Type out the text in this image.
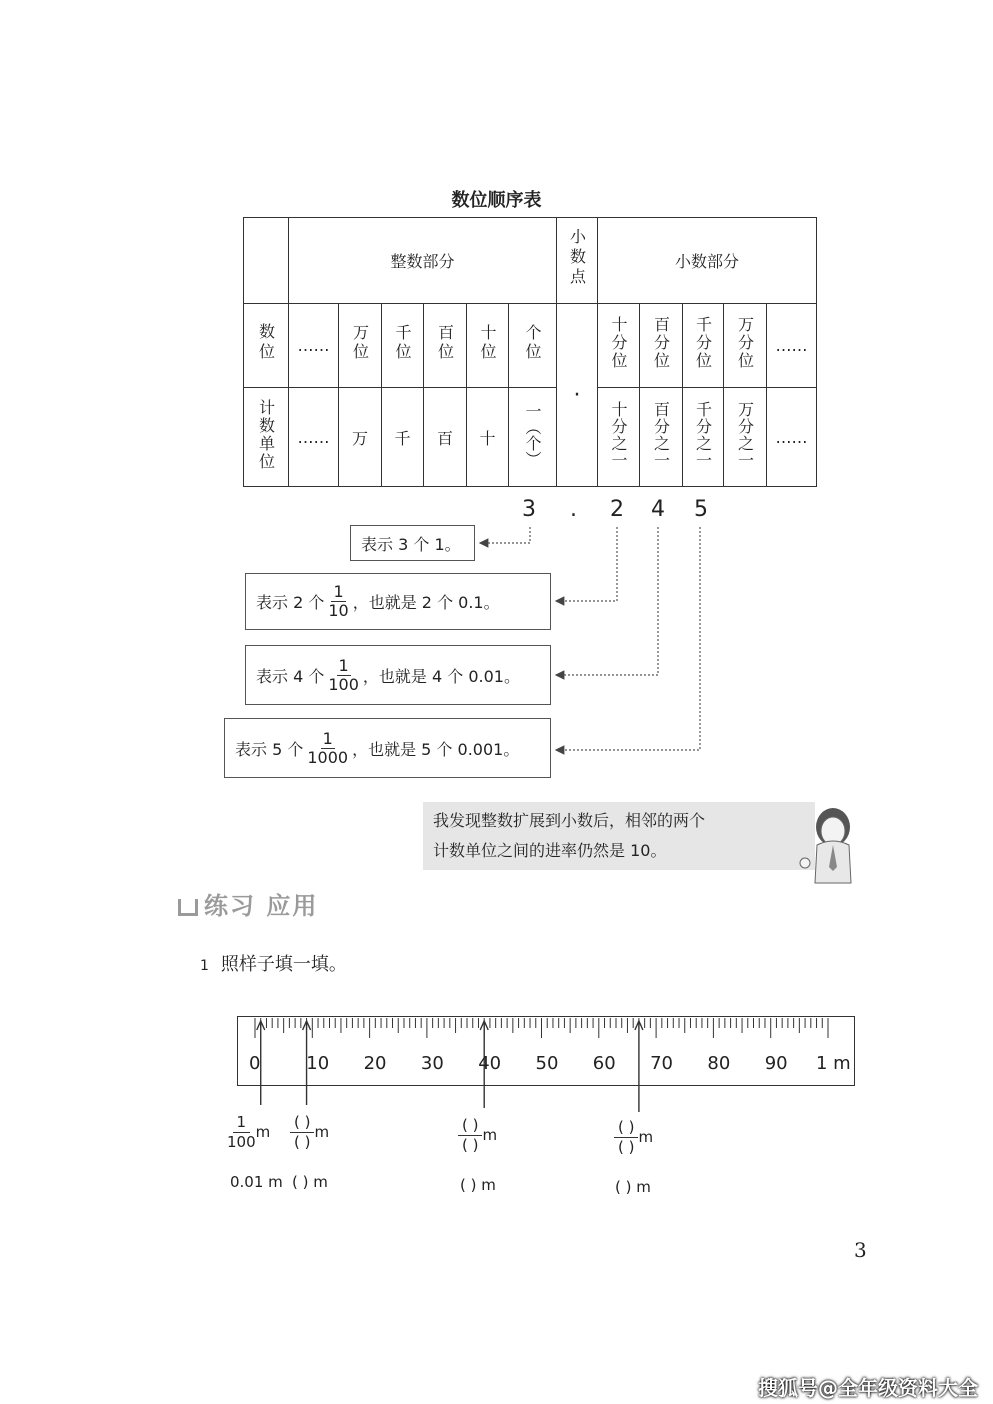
数位顺序表
	整数部分						小数点	小数部分				
数位	……	万位	千位	百位	十位	个位	·	十分位	百分位	千分位	万分位	……
计数单位	……	万	千	百	十	一（个）		十分之一	百分之一	千分之一	万分之一	……
3 . 2 4 5
表示 3 个 1。
表示 2 个 $\frac{1}{10}$ ，也就是 2 个 0.1。
表示 4 个 $\frac{1}{100}$ ，也就是 4 个 0.01。
表示 5 个 $\frac{1}{1000}$ ，也就是 5 个 0.001。
我发现整数扩展到小数后，相邻的两个
计数单位之间的进率仍然是 10。
练习 应用
1 照样子填一填。
0	10 20 30 40 50 60 70 80 90 1 m
$\frac{1}{100}$ m $\frac{( )}{( )}$ m	$\frac{( )}{( )}$ m	$\frac{( )}{( )}$ m
0.01 m ( ) m	( ) m	( ) m
3
搜狐号@全年级资料大全
